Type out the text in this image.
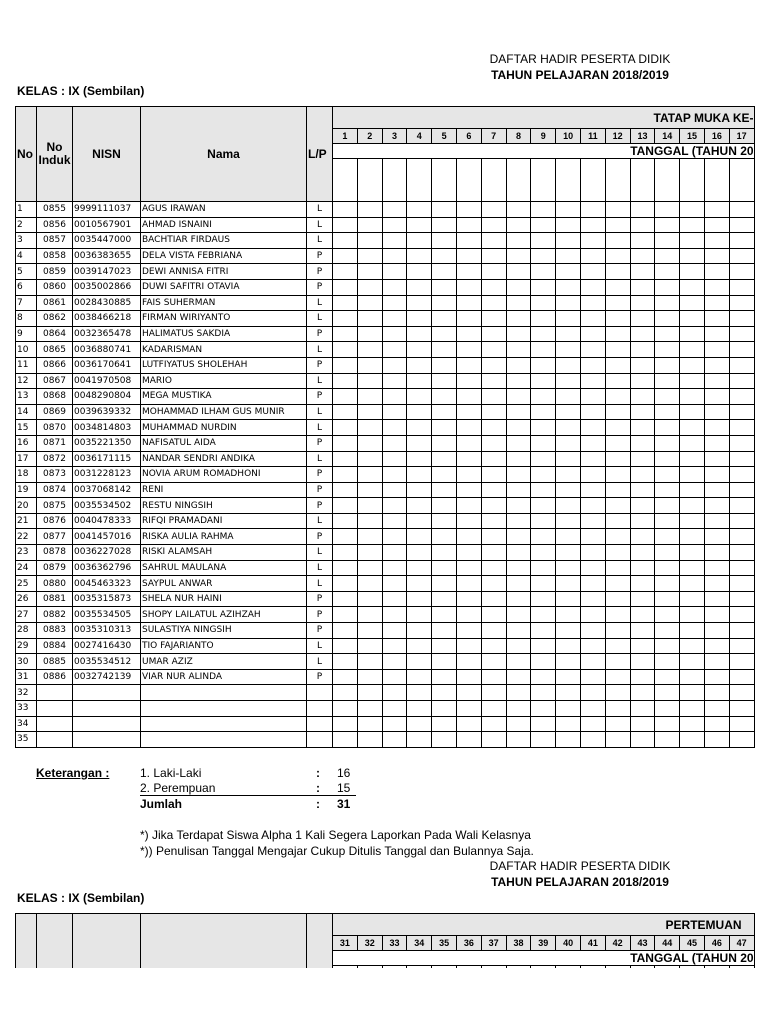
DAFTAR HADIR PESERTA DIDIK
TAHUN PELAJARAN 2018/2019
KELAS : IX (Sembilan)
No	No Induk	NISN	Nama	L/P	TATAP MUKA KE-																
					1	2	3	4	5	6	7	8	9	10	11	12	13	14	15	16	17
					TANGGAL (TAHUN 20																

1	0855	9999111037	AGUS IRAWAN	L																	
2	0856	0010567901	AHMAD ISNAINI	L																	
3	0857	0035447000	BACHTIAR FIRDAUS	L																	
4	0858	0036383655	DELA VISTA FEBRIANA	P																	
5	0859	0039147023	DEWI ANNISA FITRI	P																	
6	0860	0035002866	DUWI SAFITRI OTAVIA	P																	
7	0861	0028430885	FAIS SUHERMAN	L																	
8	0862	0038466218	FIRMAN WIRIYANTO	L																	
9	0864	0032365478	HALIMATUS SAKDIA	P																	
10	0865	0036880741	KADARISMAN	L																	
11	0866	0036170641	LUTFIYATUS SHOLEHAH	P																	
12	0867	0041970508	MARIO	L																	
13	0868	0048290804	MEGA MUSTIKA	P																	
14	0869	0039639332	MOHAMMAD ILHAM GUS MUNIR	L																	
15	0870	0034814803	MUHAMMAD NURDIN	L																	
16	0871	0035221350	NAFISATUL AIDA	P																	
17	0872	0036171115	NANDAR SENDRI ANDIKA	L																	
18	0873	0031228123	NOVIA ARUM ROMADHONI	P																	
19	0874	0037068142	RENI	P																	
20	0875	0035534502	RESTU NINGSIH	P																	
21	0876	0040478333	RIFQI PRAMADANI	L																	
22	0877	0041457016	RISKA AULIA RAHMA	P																	
23	0878	0036227028	RISKI ALAMSAH	L																	
24	0879	0036362796	SAHRUL MAULANA	L																	
25	0880	0045463323	SAYPUL ANWAR	L																	
26	0881	0035315873	SHELA NUR HAINI	P																	
27	0882	0035534505	SHOPY LAILATUL AZIHZAH	P																	
28	0883	0035310313	SULASTIYA NINGSIH	P																	
29	0884	0027416430	TIO FAJARIANTO	L																	
30	0885	0035534512	UMAR AZIZ	L																	
31	0886	0032742139	VIAR NUR ALINDA	P																	
32																					
33																					
34																					
35																					
Keterangan :	1. Laki-Laki	: 16
2. Perempuan	: 15
Jumlah	: 31
*) Jika Terdapat Siswa Alpha 1 Kali Segera Laporkan Pada Wali Kelasnya
*)) Penulisan Tanggal Mengajar Cukup Ditulis Tanggal dan Bulannya Saja.
DAFTAR HADIR PESERTA DIDIK
TAHUN PELAJARAN 2018/2019
KELAS : IX (Sembilan)
					PERTEMUAN																
					31	32	33	34	35	36	37	38	39	40	41	42	43	44	45	46	47
					TANGGAL (TAHUN 20																
